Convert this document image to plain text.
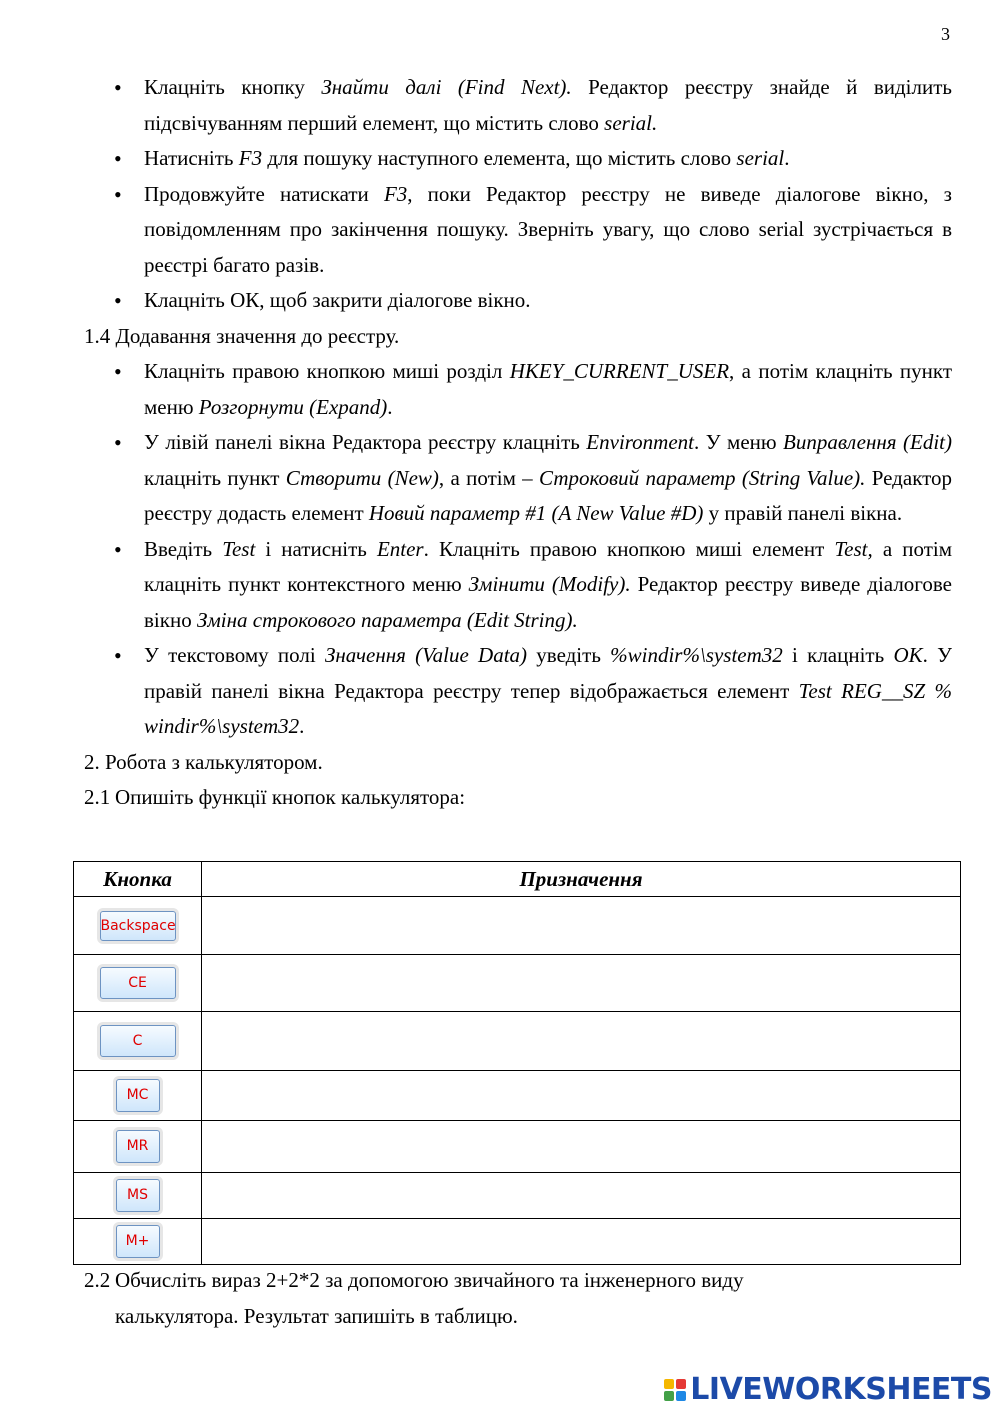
3
• Клацніть кнопку Знайти далі (Find Next). Редактор реєстру знайде й виділить підсвічуванням перший елемент, що містить слово serial.
• Натисніть F3 для пошуку наступного елемента, що містить слово serial.
• Продовжуйте натискати F3, поки Редактор реєстру не виведе діалогове вікно, з повідомленням про закінчення пошуку. Зверніть увагу, що слово serial зустрічається в реєстрі багато разів.
• Клацніть ОК, щоб закрити діалогове вікно.

1.4 Додавання значення до реєстру.

• Клацніть правою кнопкою миші розділ HKEY_CURRENT_USER, а потім клацніть пункт меню Розгорнути (Expand).
• У лівій панелі вікна Редактора реєстру клацніть Environment. У меню Виправлення (Edit) клацніть пункт Створити (New), а потім – Строковий параметр (String Value). Редактор реєстру додасть елемент Новий параметр #1 (A New Value #D) у правій панелі вікна.
• Введіть Test і натисніть Enter. Клацніть правою кнопкою миші елемент Test, а потім клацніть пункт контекстного меню Змінити (Modify). Редактор реєстру виведе діалогове вікно Зміна строкового параметра (Edit String).
• У текстовому полі Значення (Value Data) уведіть %windir%\system32 і клацніть OK. У правій панелі вікна Редактора реєстру тепер відображається елемент Test REG__SZ % windir%\system32.

2. Робота з калькулятором.

2.1 Опишіть функції кнопок калькулятора:

Кнопка	Призначення
Backspace	
CE	
C	
MC	
MR	
MS	
M+	
2.2 Обчисліть вираз 2+2*2 за допомогою звичайного та інженерного виду
калькулятора. Результат запишіть в таблицю.
LIVEWORKSHEETS
